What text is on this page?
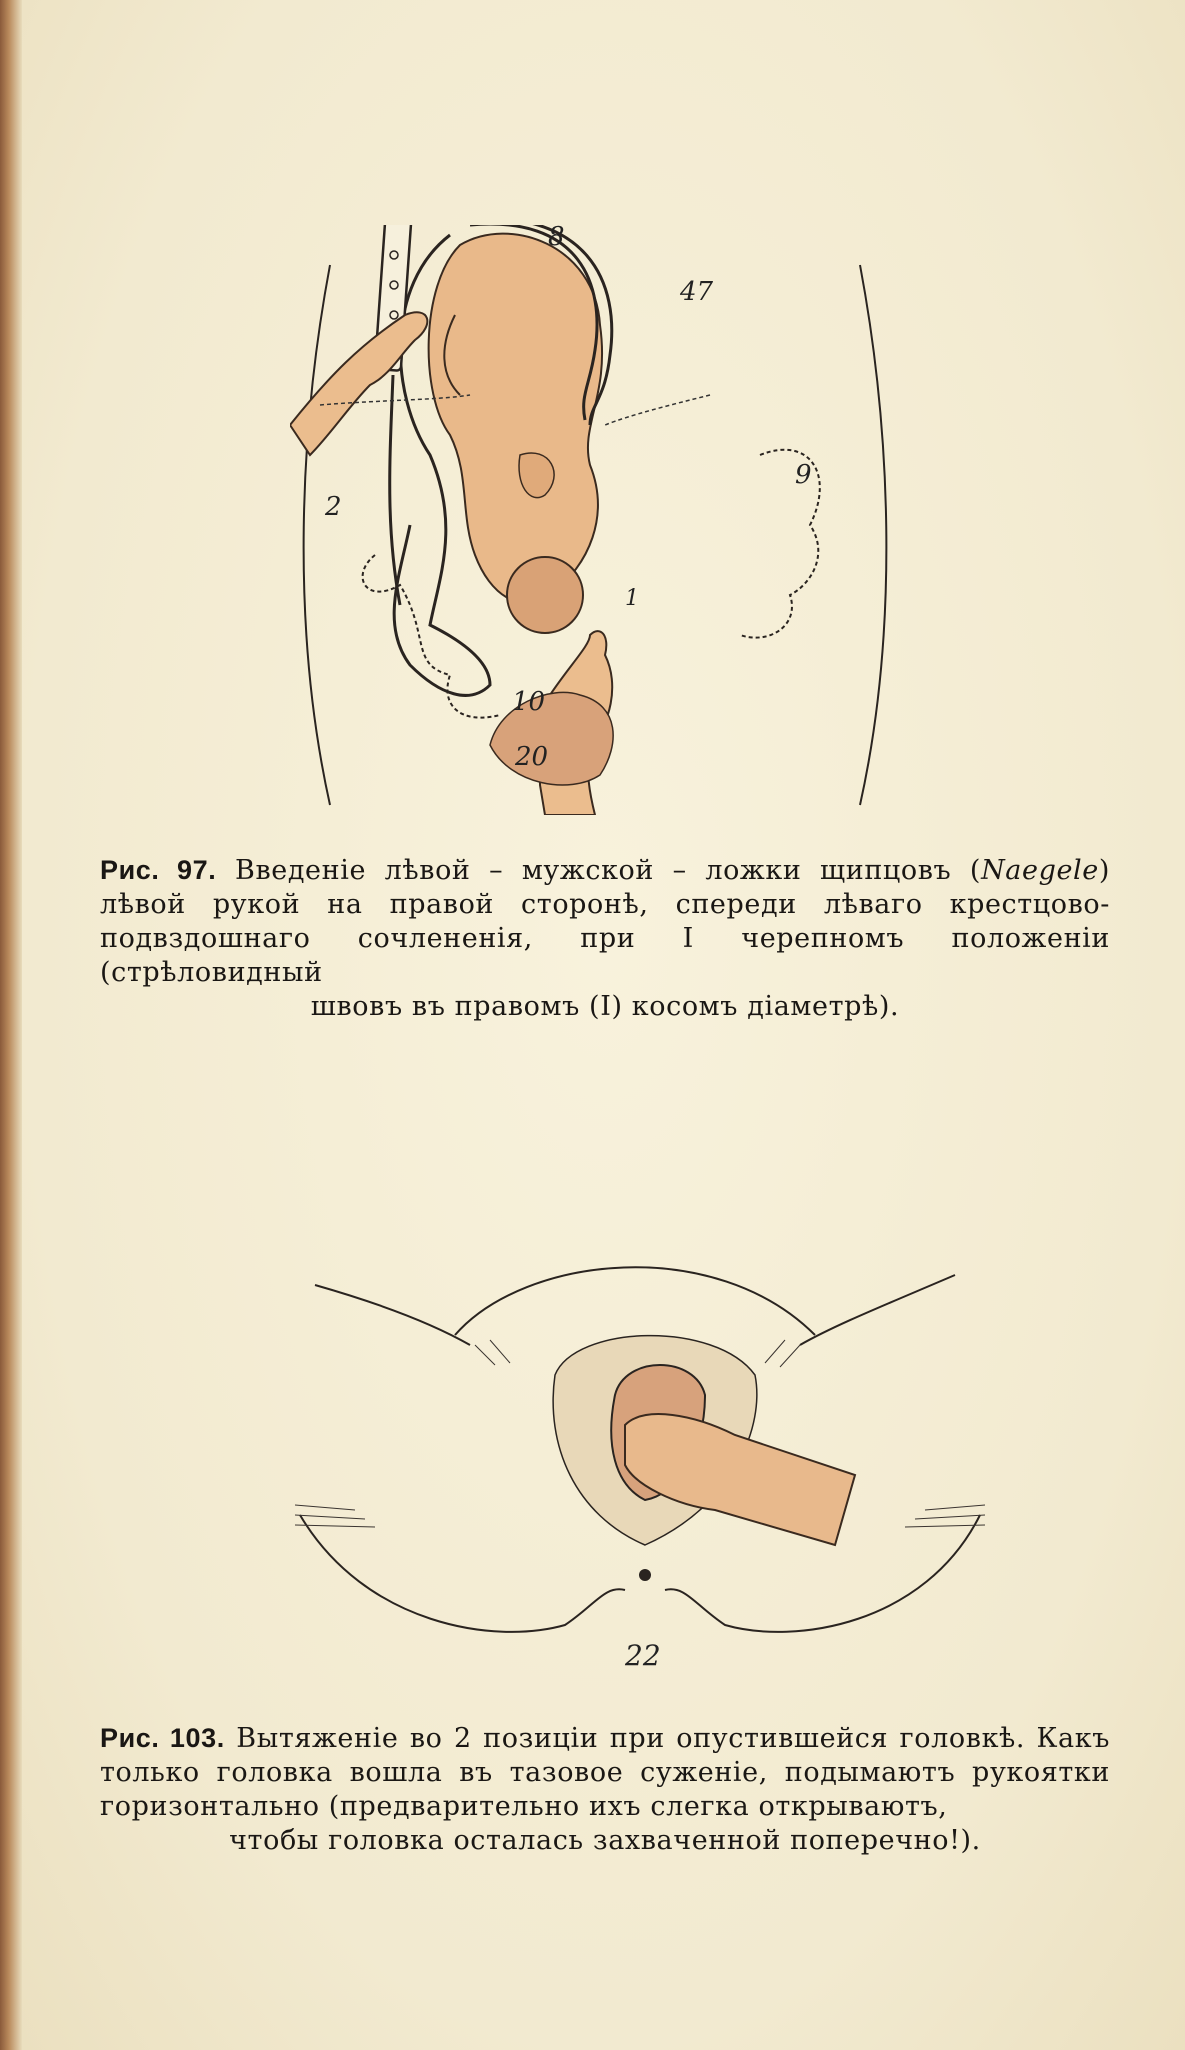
8
47
9
2
1
10
20
Рис. 97. Введеніе лѣвой – мужской – ложки щипцовъ (Naegele) лѣвой рукой на правой сторонѣ, спереди лѣваго крестцово-подвздошнаго сочлененія, при I черепномъ положеніи (стрѣловидный
швовъ въ правомъ (I) косомъ діаметрѣ).
22
Рис. 103. Вытяженіе во 2 позиціи при опустившейся головкѣ. Какъ только головка вошла въ тазовое суженіе, подымаютъ рукоятки горизонтально (предварительно ихъ слегка открываютъ,
чтобы головка осталась захваченной поперечно!).
